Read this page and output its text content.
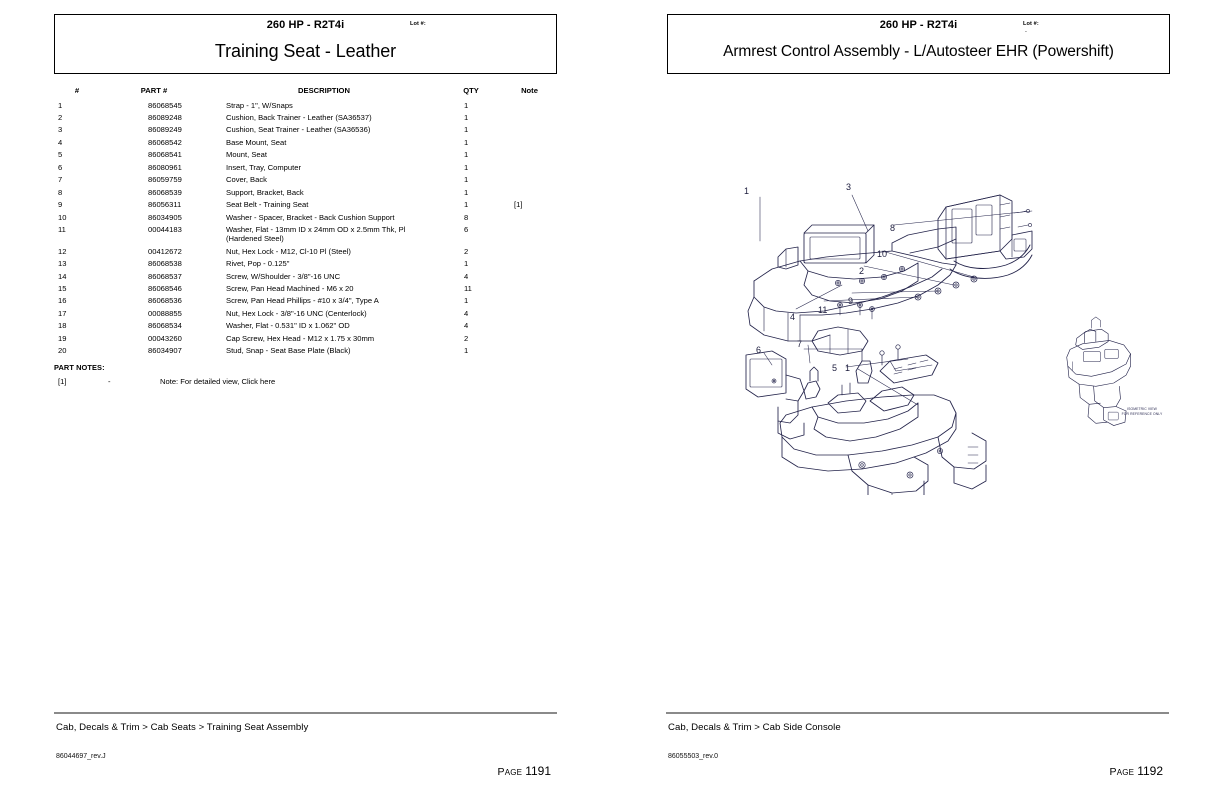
260 HP - R2T4i	Lot #:
Training Seat - Leather
#	PART #	DESCRIPTION	QTY	Note
1	86068545	Strap - 1", W/Snaps	1	
2	86089248	Cushion, Back Trainer - Leather (SA36537)	1	
3	86089249	Cushion, Seat Trainer - Leather (SA36536)	1	
4	86068542	Base Mount, Seat	1	
5	86068541	Mount, Seat	1	
6	86080961	Insert, Tray, Computer	1	
7	86059759	Cover, Back	1	
8	86068539	Support, Bracket, Back	1	
9	86056311	Seat Belt - Training Seat	1	[1]
10	86034905	Washer - Spacer, Bracket - Back Cushion Support	8	
11	00044183	Washer, Flat - 13mm ID x 24mm OD x 2.5mm Thk, Pl (Hardened Steel)	6	
12	00412672	Nut, Hex Lock - M12, Cl-10 Pl (Steel)	2	
13	86068538	Rivet, Pop - 0.125"	1	
14	86068537	Screw, W/Shoulder - 3/8"-16 UNC	4	
15	86068546	Screw, Pan Head Machined - M6 x 20	11	
16	86068536	Screw, Pan Head Phillips - #10 x 3/4", Type A	1	
17	00088855	Nut, Hex Lock - 3/8"-16 UNC (Centerlock)	4	
18	86068534	Washer, Flat - 0.531" ID x 1.062" OD	4	
19	00043260	Cap Screw, Hex Head - M12 x 1.75 x 30mm	2	
20	86034907	Stud, Snap - Seat Base Plate (Black)	1	
PART NOTES:
[1]	-	Note: For detailed view, Click here
Cab, Decals & Trim > Cab Seats > Training Seat Assembly
86044697_rev.J
PAGE 1191
260 HP - R2T4i	Lot #:
-
Armrest Control Assembly - L/Autosteer EHR (Powershift)
1	3
8
10
2
9
11
4
6
7
5 1
ISOMETRIC VIEW
FOR REFERENCE ONLY
Cab, Decals & Trim > Cab Side Console
86055503_rev.0
PAGE 1192
